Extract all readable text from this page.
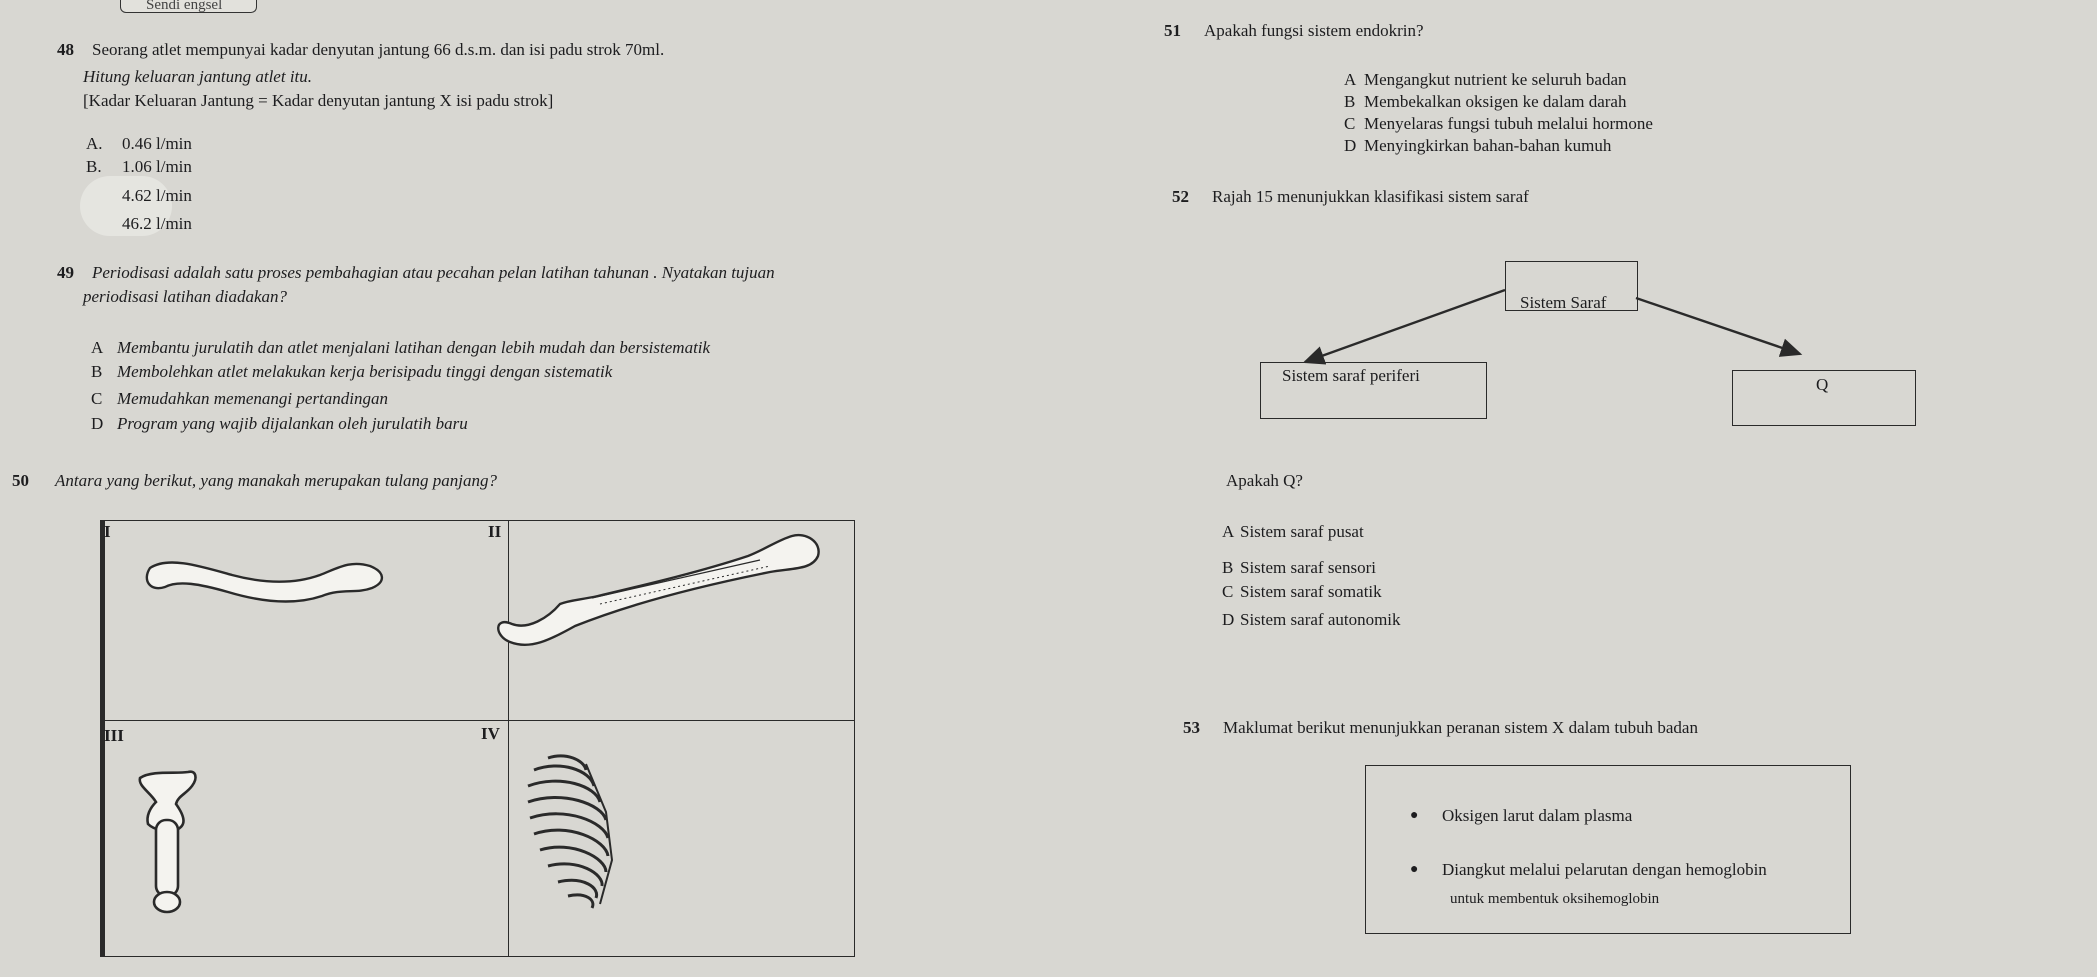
Sendi engsel
48 Seorang atlet mempunyai kadar denyutan jantung 66 d.s.m. dan isi padu strok 70ml.
Hitung keluaran jantung atlet itu.
[Kadar Keluaran Jantung = Kadar denyutan jantung X isi padu strok]
A. 0.46 l/min
B. 1.06 l/min
4.62 l/min
46.2 l/min
49 Periodisasi adalah satu proses pembahagian atau pecahan pelan latihan tahunan . Nyatakan tujuan
periodisasi latihan diadakan?
A Membantu jurulatih dan atlet menjalani latihan dengan lebih mudah dan bersistematik
B Membolehkan atlet melakukan kerja berisipadu tinggi dengan sistematik
C Memudahkan memenangi pertandingan
D Program yang wajib dijalankan oleh jurulatih baru
50 Antara yang berikut, yang manakah merupakan tulang panjang?
I	II
III	IV
51 Apakah fungsi sistem endokrin?
A Mengangkut nutrient ke seluruh badan
B Membekalkan oksigen ke dalam darah
C Menyelaras fungsi tubuh melalui hormone
D Menyingkirkan bahan-bahan kumuh
52 Rajah 15 menunjukkan klasifikasi sistem saraf
Sistem Saraf
Sistem saraf periferi	Q
Apakah Q?
A Sistem saraf pusat
B Sistem saraf sensori
C Sistem saraf somatik
D Sistem saraf autonomik
53 Maklumat berikut menunjukkan peranan sistem X dalam tubuh badan
● Oksigen larut dalam plasma
● Diangkut melalui pelarutan dengan hemoglobin
untuk membentuk oksihemoglobin
